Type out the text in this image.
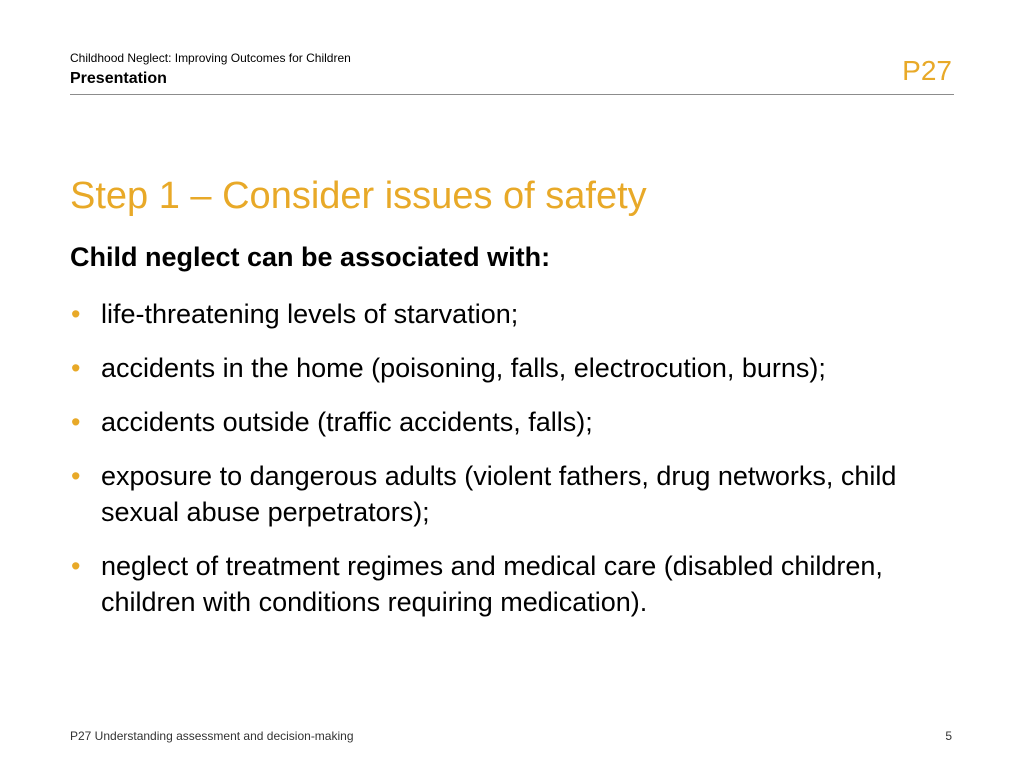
Childhood Neglect: Improving Outcomes for Children
Presentation	P27
Step 1 – Consider issues of safety
Child neglect can be associated with:
• life-threatening levels of starvation;
• accidents in the home (poisoning, falls, electrocution, burns);
• accidents outside (traffic accidents, falls);
• exposure to dangerous adults (violent fathers, drug networks, child sexual abuse perpetrators);
• neglect of treatment regimes and medical care (disabled children, children with conditions requiring medication).
P27 Understanding assessment and decision-making	5
